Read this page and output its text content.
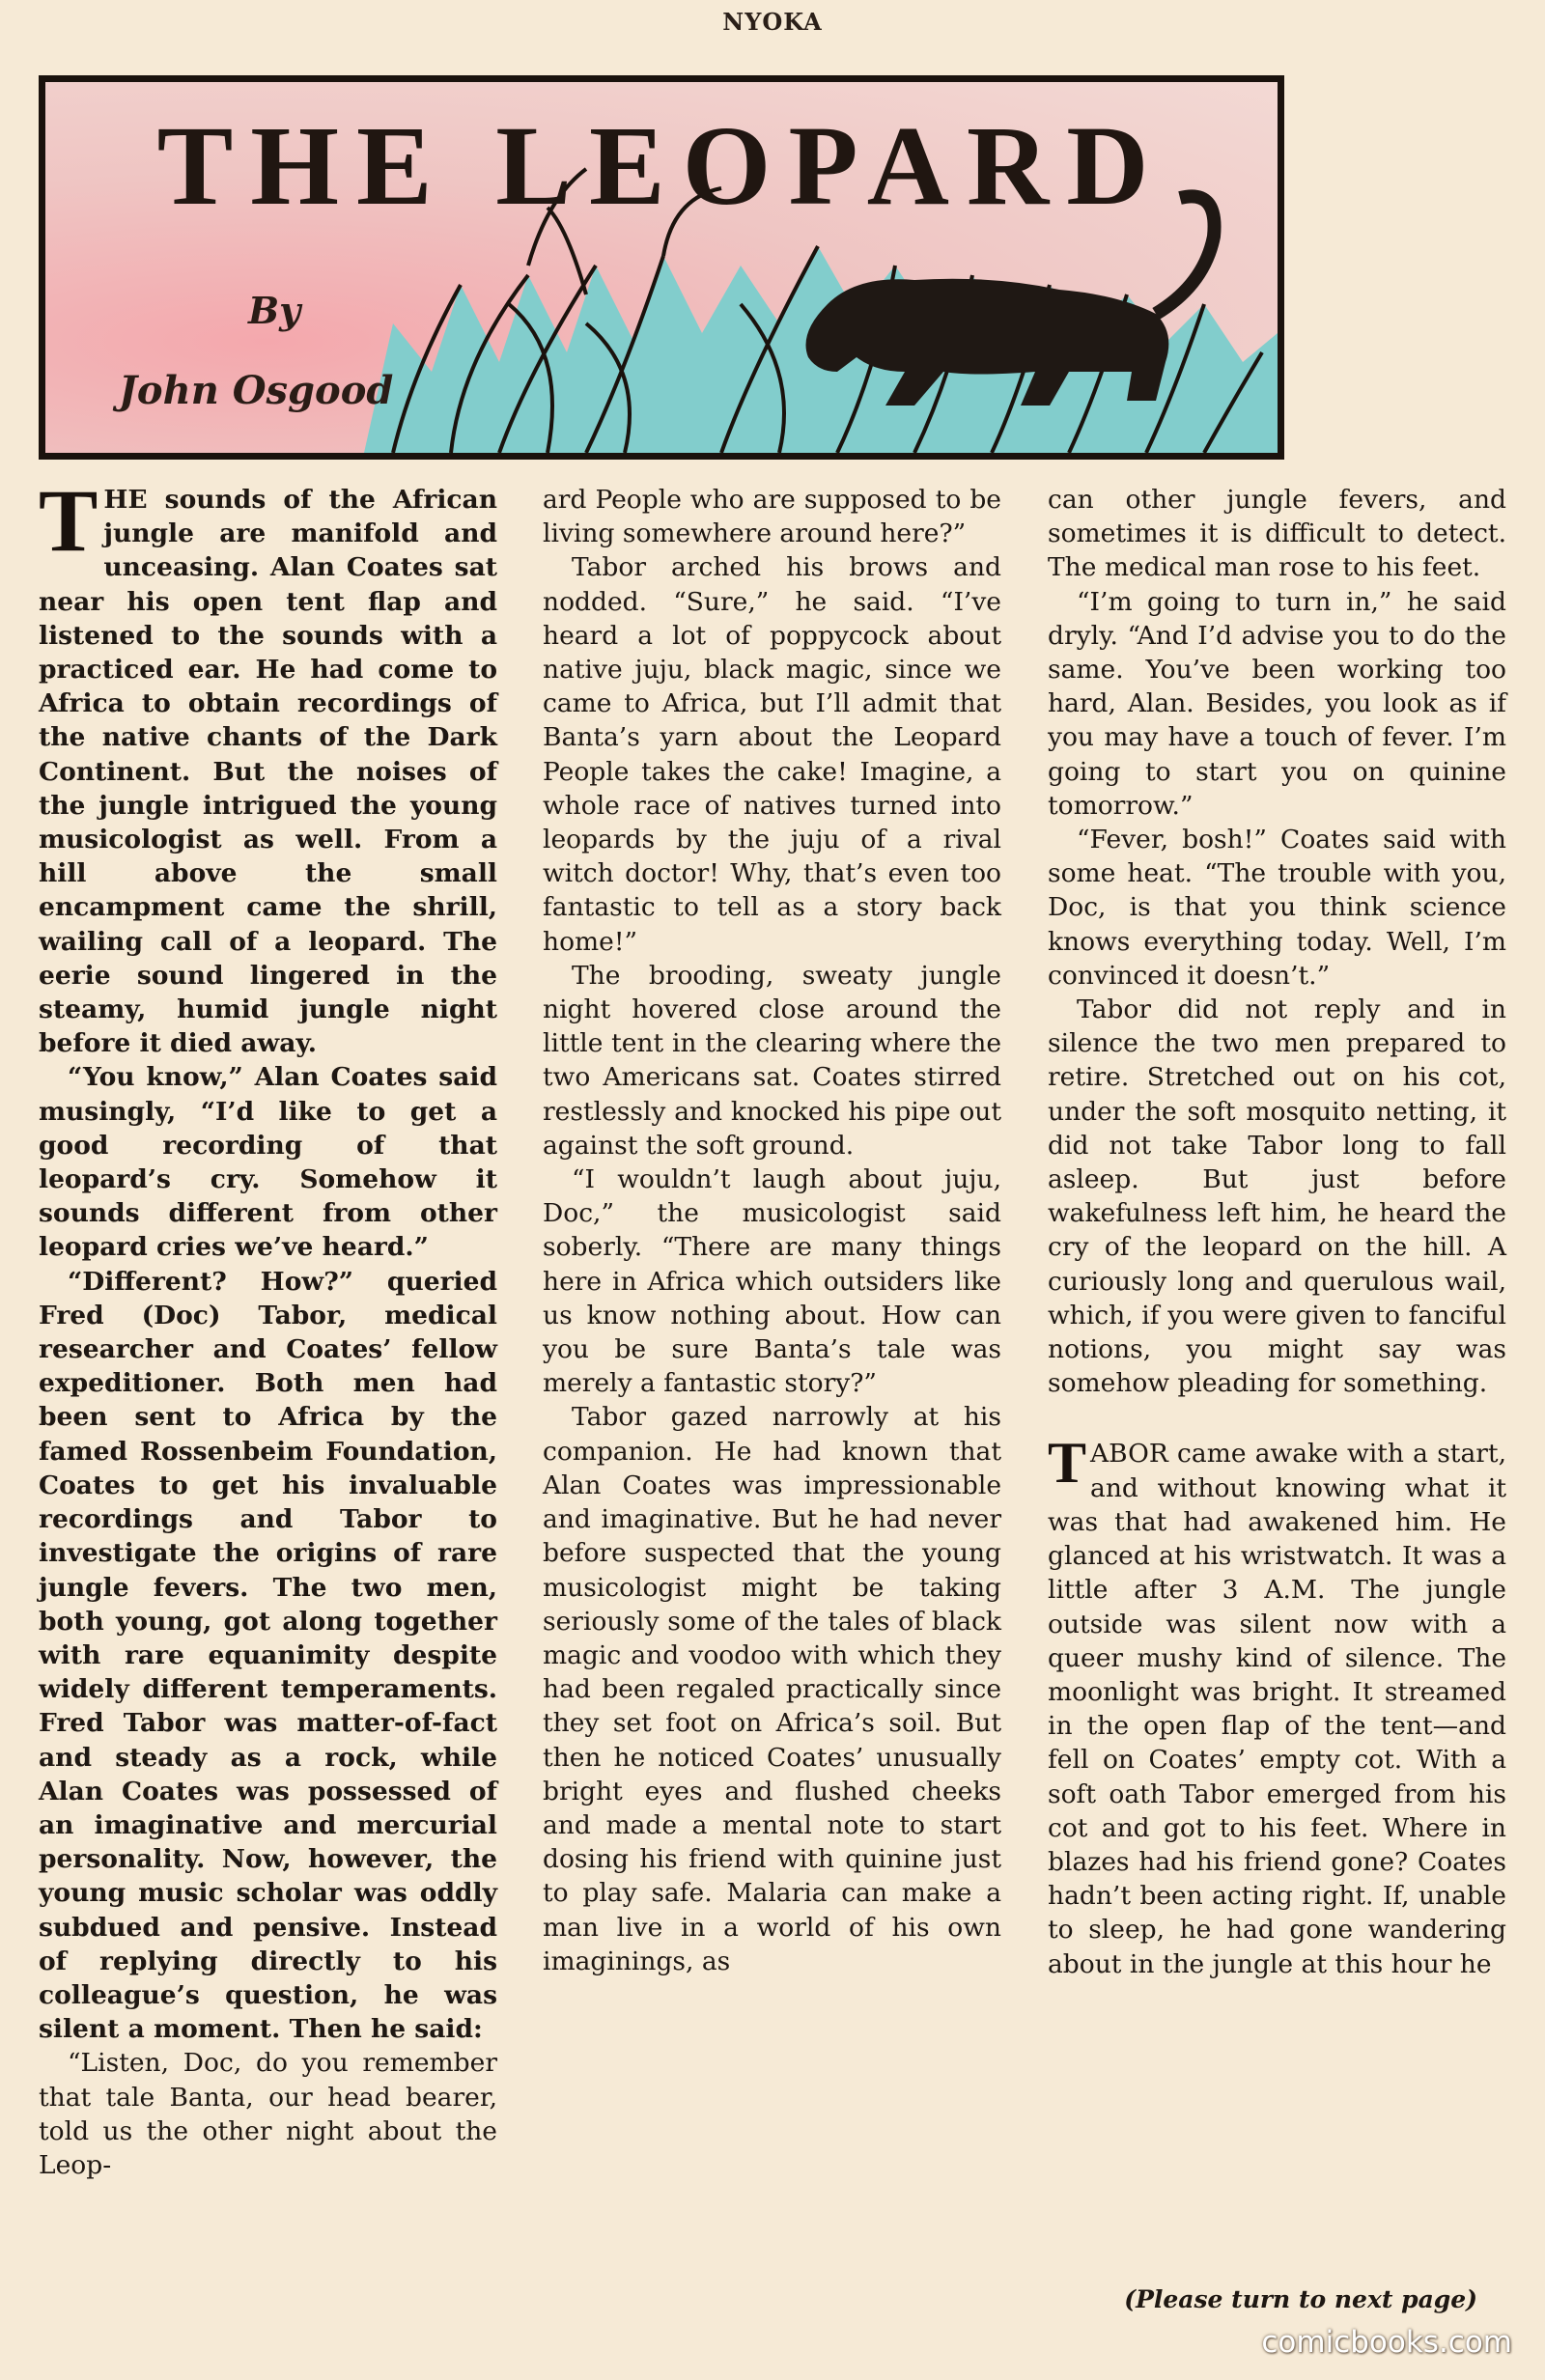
NYOKA
THE LEOPARD
By
John Osgood

THE sounds of the African jungle are manifold and unceasing. Alan Coates sat near his open tent flap and listened to the sounds with a practiced ear. He had come to Africa to obtain recordings of the native chants of the Dark Continent. But the noises of the jungle intrigued the young musicologist as well. From a hill above the small encampment came the shrill, wailing call of a leopard. The eerie sound lingered in the steamy, humid jungle night before it died away.

“You know,” Alan Coates said musingly, “I’d like to get a good recording of that leopard’s cry. Somehow it sounds different from other leopard cries we’ve heard.”

“Different? How?” queried Fred (Doc) Tabor, medical researcher and Coates’ fellow expeditioner. Both men had been sent to Africa by the famed Rossenbeim Foundation, Coates to get his invaluable recordings and Tabor to investigate the origins of rare jungle fevers. The two men, both young, got along together with rare equanimity despite widely different temperaments. Fred Tabor was matter-of-fact and steady as a rock, while Alan Coates was possessed of an imaginative and mercurial personality. Now, however, the young music scholar was oddly subdued and pensive. Instead of replying directly to his colleague’s question, he was silent a moment. Then he said:

“Listen, Doc, do you remember that tale Banta, our head bearer, told us the other night about the Leop-

ard People who are supposed to be living somewhere around here?”

Tabor arched his brows and nodded. “Sure,” he said. “I’ve heard a lot of poppycock about native juju, black magic, since we came to Africa, but I’ll admit that Banta’s yarn about the Leopard People takes the cake! Imagine, a whole race of natives turned into leopards by the juju of a rival witch doctor! Why, that’s even too fantastic to tell as a story back home!”

The brooding, sweaty jungle night hovered close around the little tent in the clearing where the two Americans sat. Coates stirred restlessly and knocked his pipe out against the soft ground.

“I wouldn’t laugh about juju, Doc,” the musicologist said soberly. “There are many things here in Africa which outsiders like us know nothing about. How can you be sure Banta’s tale was merely a fantastic story?”

Tabor gazed narrowly at his companion. He had known that Alan Coates was impressionable and imaginative. But he had never before suspected that the young musicologist might be taking seriously some of the tales of black magic and voodoo with which they had been regaled practically since they set foot on Africa’s soil. But then he noticed Coates’ unusually bright eyes and flushed cheeks and made a mental note to start dosing his friend with quinine just to play safe. Malaria can make a man live in a world of his own imaginings, as

can other jungle fevers, and sometimes it is difficult to detect. The medical man rose to his feet.

“I’m going to turn in,” he said dryly. “And I’d advise you to do the same. You’ve been working too hard, Alan. Besides, you look as if you may have a touch of fever. I’m going to start you on quinine tomorrow.”

“Fever, bosh!” Coates said with some heat. “The trouble with you, Doc, is that you think science knows everything today. Well, I’m convinced it doesn’t.”

Tabor did not reply and in silence the two men prepared to retire. Stretched out on his cot, under the soft mosquito netting, it did not take Tabor long to fall asleep. But just before wakefulness left him, he heard the cry of the leopard on the hill. A curiously long and querulous wail, which, if you were given to fanciful notions, you might say was somehow pleading for something.

TABOR came awake with a start, and without knowing what it was that had awakened him. He glanced at his wristwatch. It was a little after 3 A.M. The jungle outside was silent now with a queer mushy kind of silence. The moonlight was bright. It streamed in the open flap of the tent—and fell on Coates’ empty cot. With a soft oath Tabor emerged from his cot and got to his feet. Where in blazes had his friend gone? Coates hadn’t been acting right. If, unable to sleep, he had gone wandering about in the jungle at this hour he

(Please turn to next page)
comicbooks.com
